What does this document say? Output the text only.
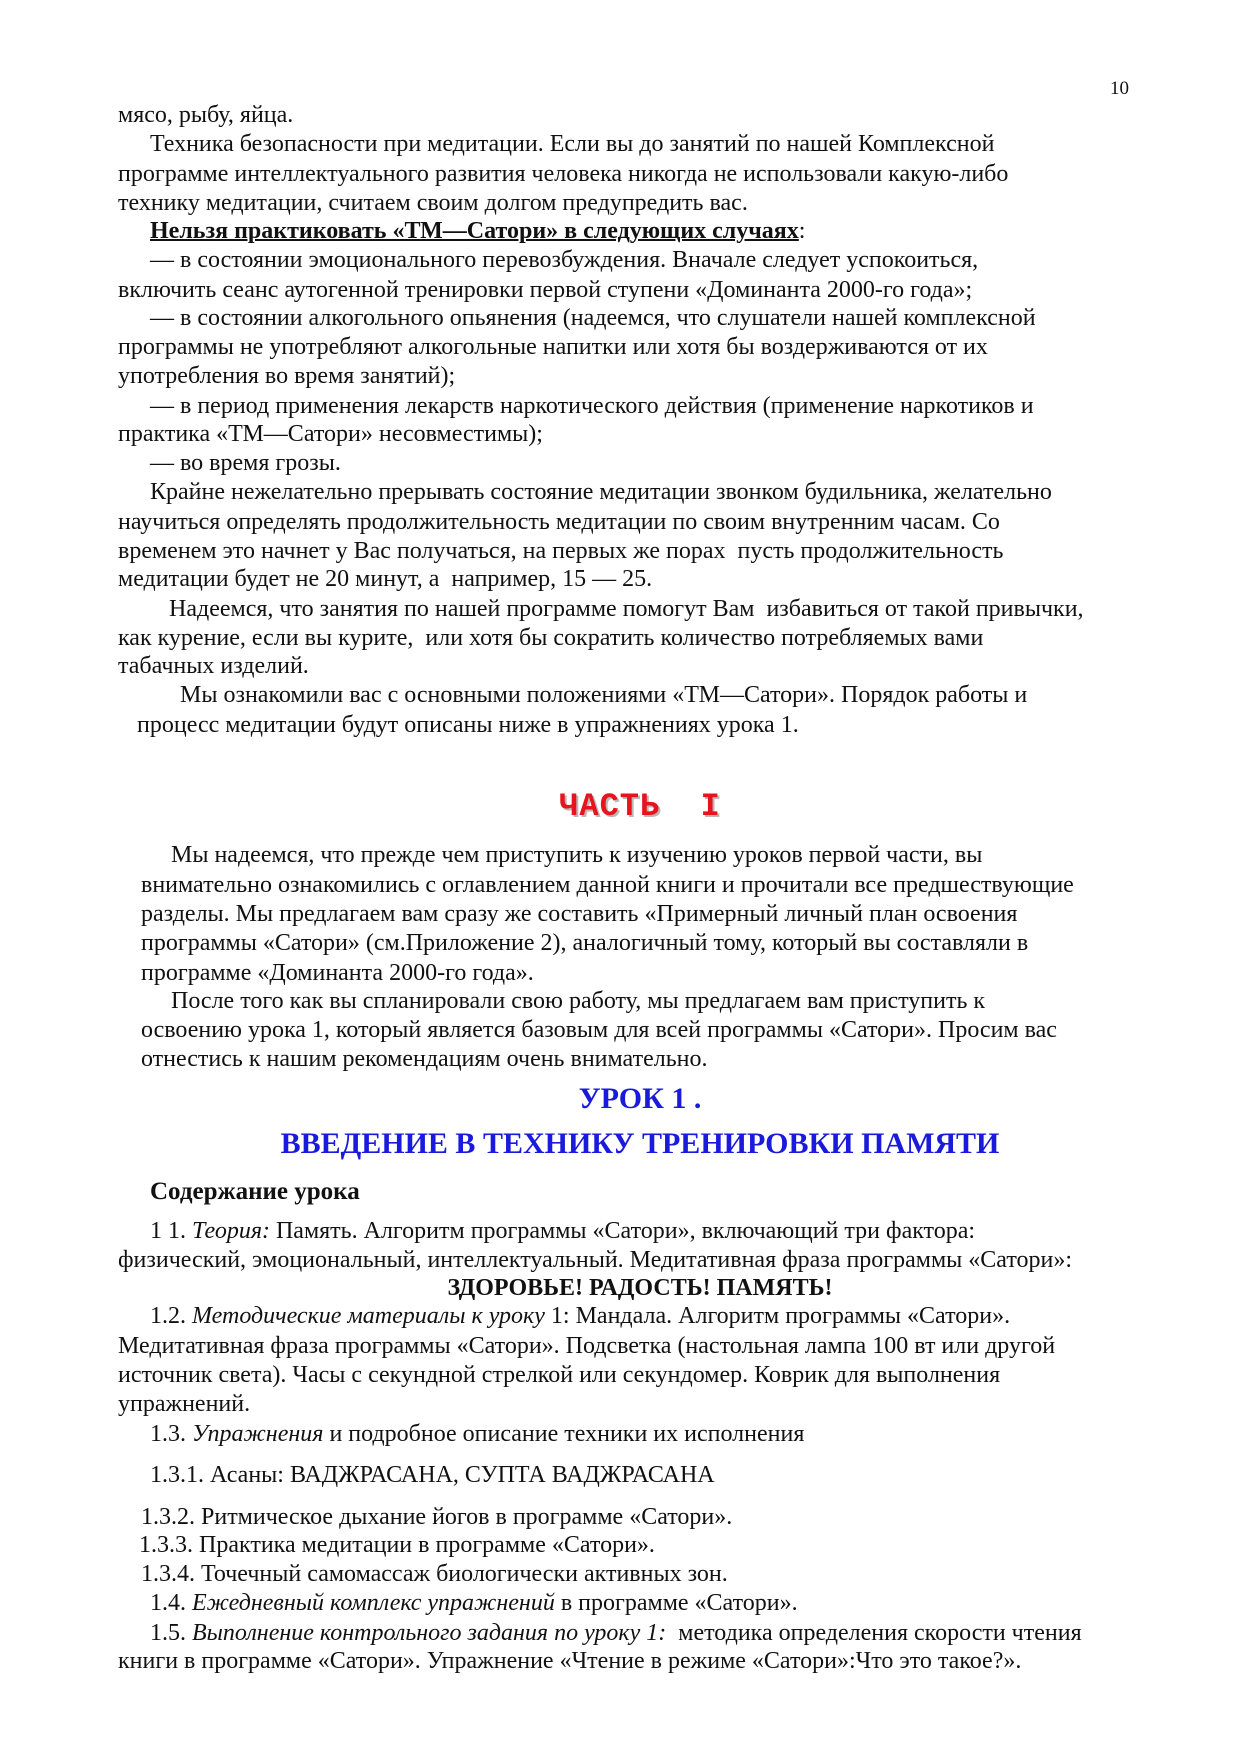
10
мясо, рыбу, яйца.
Техника безопасности при медитации. Если вы до занятий по нашей Комплексной
программе интеллектуального развития человека никогда не использовали какую-либо
технику медитации, считаем своим долгом предупредить вас.
Нельзя практиковать «ТМ—Сатори» в следующих случаях:
— в состоянии эмоционального перевозбуждения. Вначале следует успокоиться,
включить сеанс аутогенной тренировки первой ступени «Доминанта 2000-го года»;
— в состоянии алкогольного опьянения (надеемся, что слушатели нашей комплексной
программы не употребляют алкогольные напитки или хотя бы воздерживаются от их
употребления во время занятий);
— в период применения лекарств наркотического действия (применение наркотиков и
практика «ТМ—Сатори» несовместимы);
— во время грозы.
Крайне нежелательно прерывать состояние медитации звонком будильника, желательно
научиться определять продолжительность медитации по своим внутренним часам. Со
временем это начнет у Вас получаться, на первых же порах  пусть продолжительность
медитации будет не 20 минут, а  например, 15 — 25.
Надеемся, что занятия по нашей программе помогут Вам  избавиться от такой привычки,
как курение, если вы курите,  или хотя бы сократить количество потребляемых вами
табачных изделий.
Мы ознакомили вас с основными положениями «ТМ—Сатори». Порядок работы и
процесс медитации будут описаны ниже в упражнениях урока 1.
ЧАСТЬ  I
Мы надеемся, что прежде чем приступить к изучению уроков первой части, вы
внимательно ознакомились с оглавлением данной книги и прочитали все предшествующие
разделы. Мы предлагаем вам сразу же составить «Примерный личный план освоения
программы «Сатори» (см.Приложение 2), аналогичный тому, который вы составляли в
программе «Доминанта 2000-го года».
После того как вы спланировали свою работу, мы предлагаем вам приступить к
освоению урока 1, который является базовым для всей программы «Сатори». Просим вас
отнестись к нашим рекомендациям очень внимательно.
УРОК 1 .
ВВЕДЕНИЕ В ТЕХНИКУ ТРЕНИРОВКИ ПАМЯТИ
Содержание урока
1 1. Теория: Память. Алгоритм программы «Сатори», включающий три фактора:
физический, эмоциональный, интеллектуальный. Медитативная фраза программы «Сатори»:
ЗДОРОВЬЕ! РАДОСТЬ! ПАМЯТЬ!
1.2. Методические материалы к уроку 1: Мандала. Алгоритм программы «Сатори».
Медитативная фраза программы «Сатори». Подсветка (настольная лампа 100 вт или другой
источник света). Часы с секундной стрелкой или секундомер. Коврик для выполнения
упражнений.
1.3. Упражнения и подробное описание техники их исполнения
1.3.1. Асаны: ВАДЖРАСАНА, СУПТА ВАДЖРАСАНА
1.3.2. Ритмическое дыхание йогов в программе «Сатори».
1.3.3. Практика медитации в программе «Сатори».
1.3.4. Точечный самомассаж биологически активных зон.
1.4. Ежедневный комплекс упражнений в программе «Сатори».
1.5. Выполнение контрольного задания по уроку 1:  методика определения скорости чтения
книги в программе «Сатори». Упражнение «Чтение в режиме «Сатори»:Что это такое?».
